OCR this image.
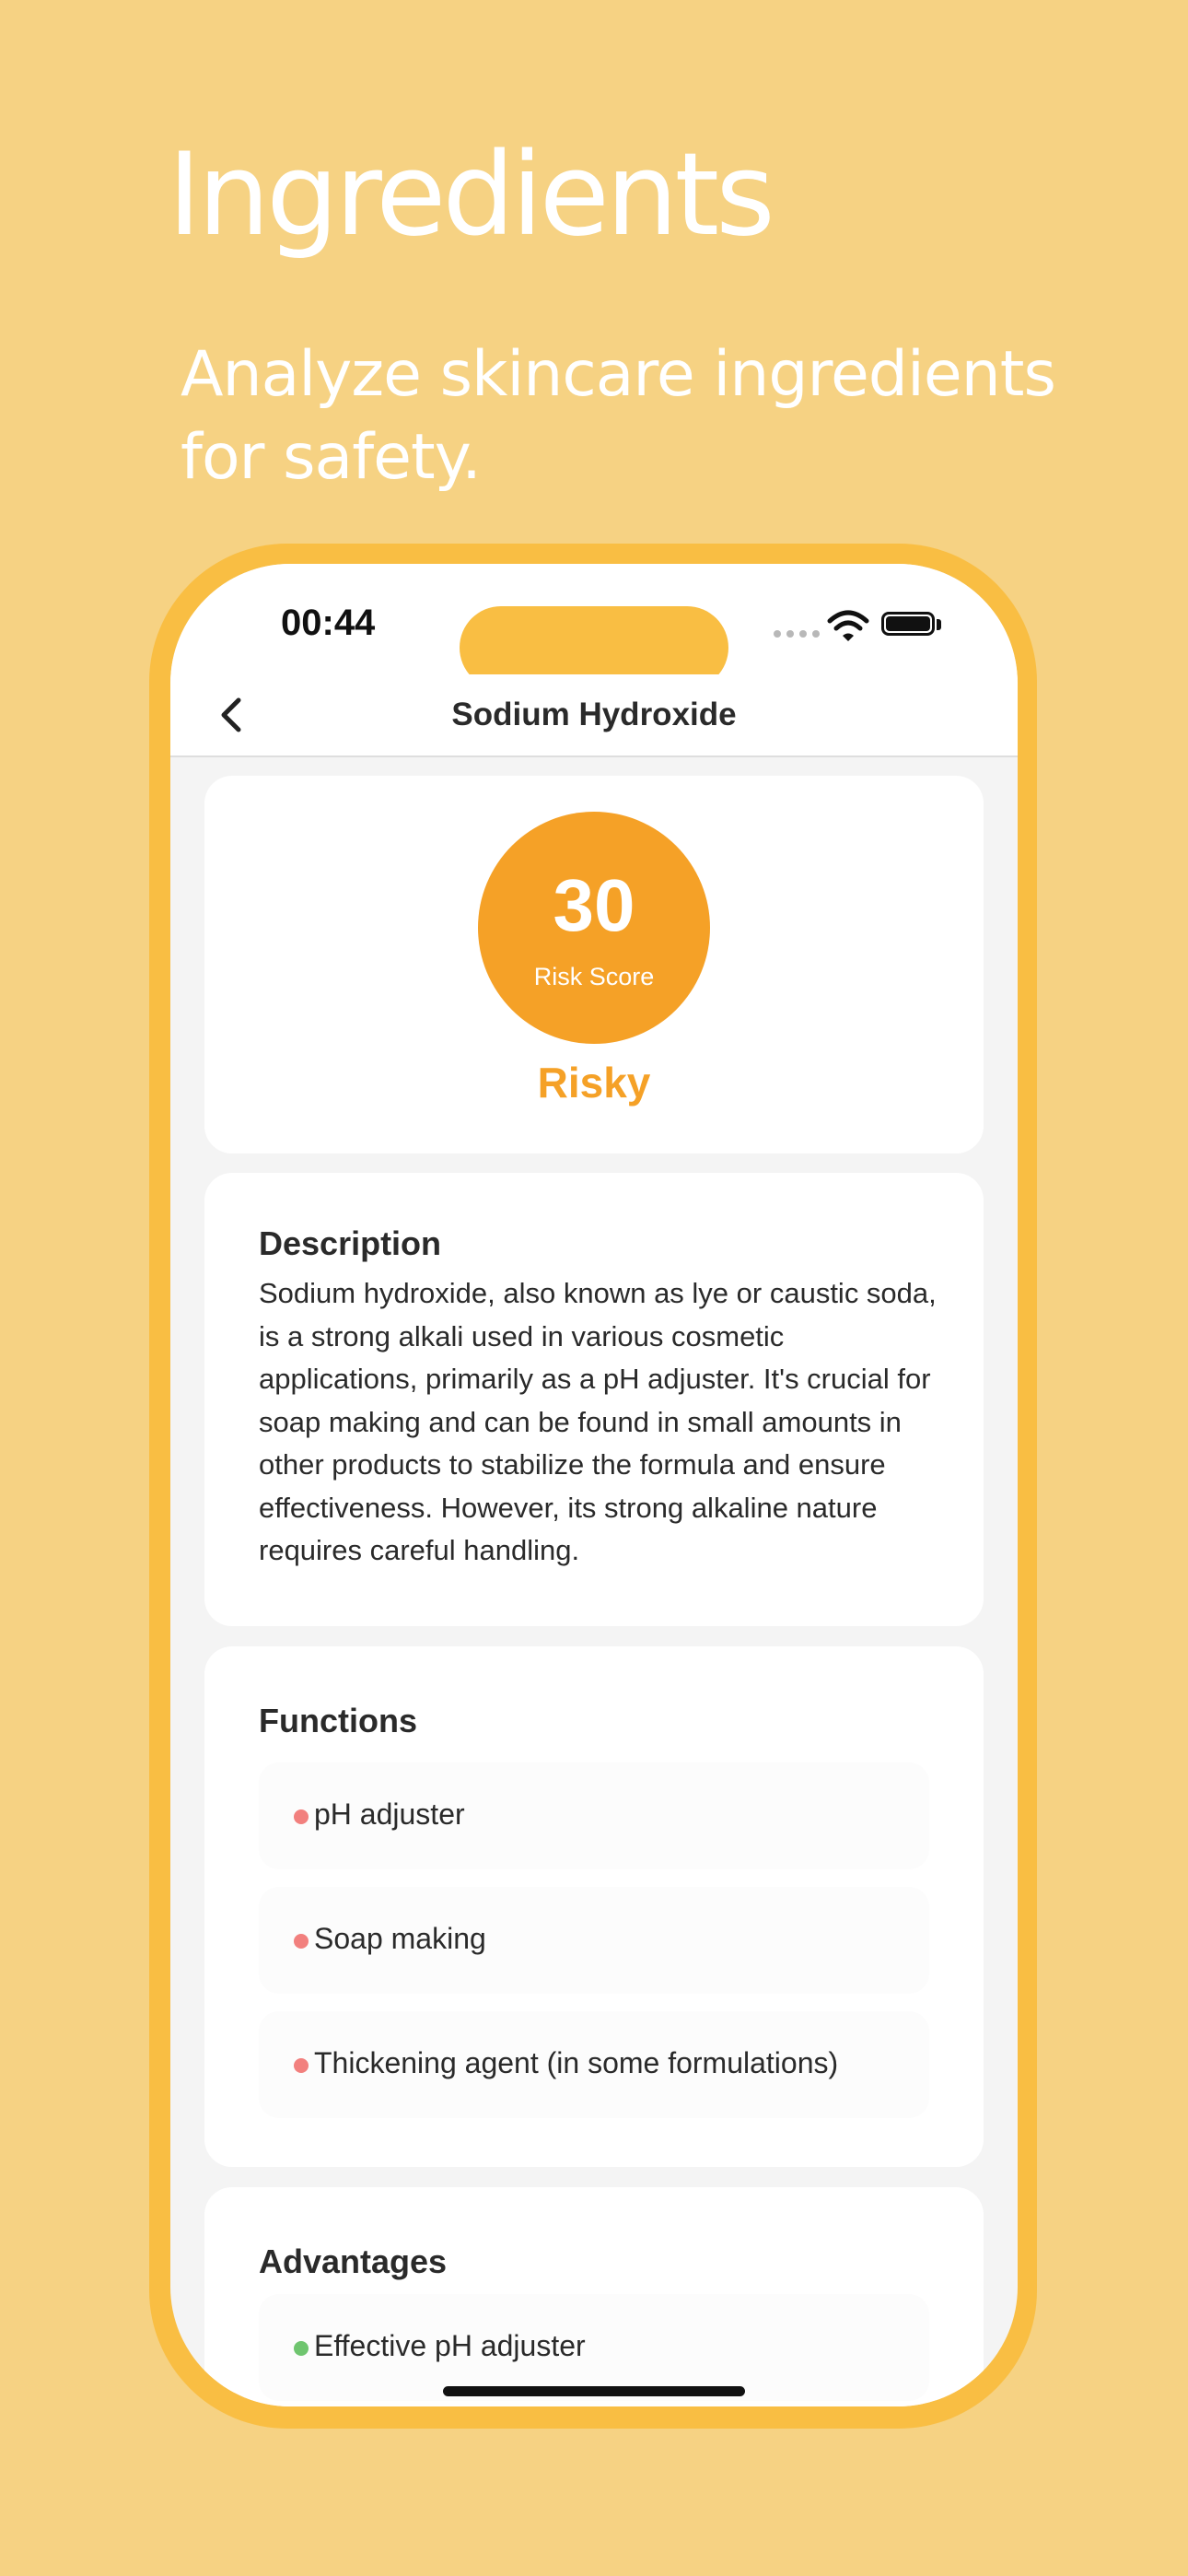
Ingredients
Analyze skincare ingredients for safety.
00:44
Sodium Hydroxide
30
Risk Score
Risky
Description
Sodium hydroxide, also known as lye or caustic soda, is a strong alkali used in various cosmetic applications, primarily as a pH adjuster. It's crucial for soap making and can be found in small amounts in other products to stabilize the formula and ensure effectiveness. However, its strong alkaline nature requires careful handling.
Functions
pH adjuster
Soap making
Thickening agent (in some formulations)
Advantages
Effective pH adjuster
